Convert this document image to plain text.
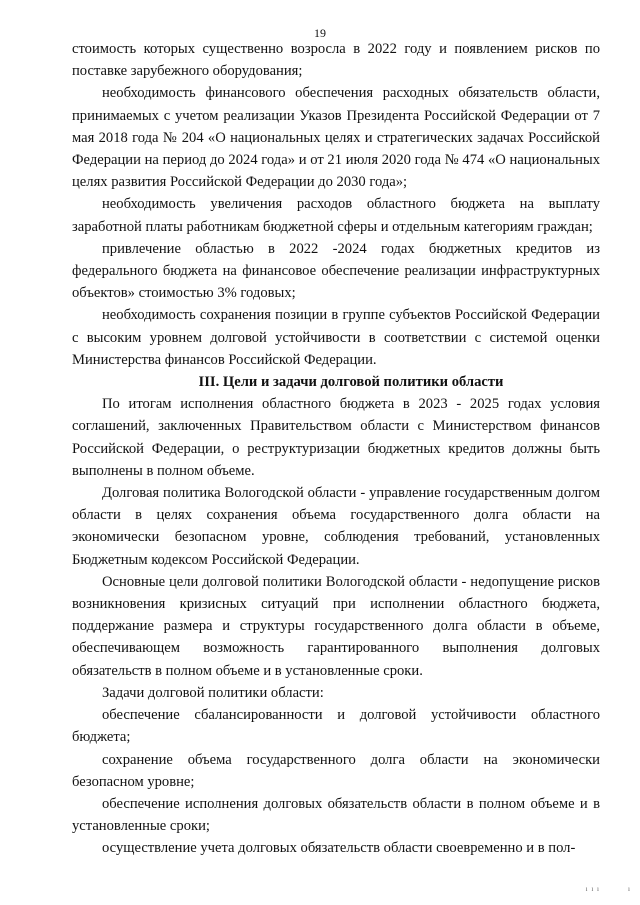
19

стоимость которых существенно возросла в 2022 году и появлением рисков по поставке зарубежного оборудования;

необходимость финансового обеспечения расходных обязательств области, принимаемых с учетом реализации Указов Президента Российской Федерации от 7 мая 2018 года № 204 «О национальных целях и стратегических задачах Российской Федерации на период до 2024 года» и от 21 июля 2020 года № 474 «О национальных целях развития Российской Федерации до 2030 года»;

необходимость увеличения расходов областного бюджета на выплату заработной платы работникам бюджетной сферы и отдельным категориям граждан;

привлечение областью в 2022 -2024 годах бюджетных кредитов из федерального бюджета на финансовое обеспечение реализации инфраструктурных объектов» стоимостью 3% годовых;

необходимость сохранения позиции в группе субъектов Российской Федерации с высоким уровнем долговой устойчивости в соответствии с системой оценки Министерства финансов Российской Федерации.

III. Цели и задачи долговой политики области

По итогам исполнения областного бюджета в 2023 - 2025 годах условия соглашений, заключенных Правительством области с Министерством финансов Российской Федерации, о реструктуризации бюджетных кредитов должны быть выполнены в полном объеме.

Долговая политика Вологодской области - управление государственным долгом области в целях сохранения объема государственного долга области на экономически безопасном уровне, соблюдения требований, установленных Бюджетным кодексом Российской Федерации.

Основные цели долговой политики Вологодской области - недопущение рисков возникновения кризисных ситуаций при исполнении областного бюджета, поддержание размера и структуры государственного долга области в объеме, обеспечивающем возможность гарантированного выполнения долговых обязательств в полном объеме и в установленные сроки.

Задачи долговой политики области:

обеспечение сбалансированности и долговой устойчивости областного бюджета;

сохранение объема государственного долга области на экономически безопасном уровне;

обеспечение исполнения долговых обязательств области в полном объеме и в установленные сроки;

осуществление учета долговых обязательств области своевременно и в пол-

ı ı ı	ı
